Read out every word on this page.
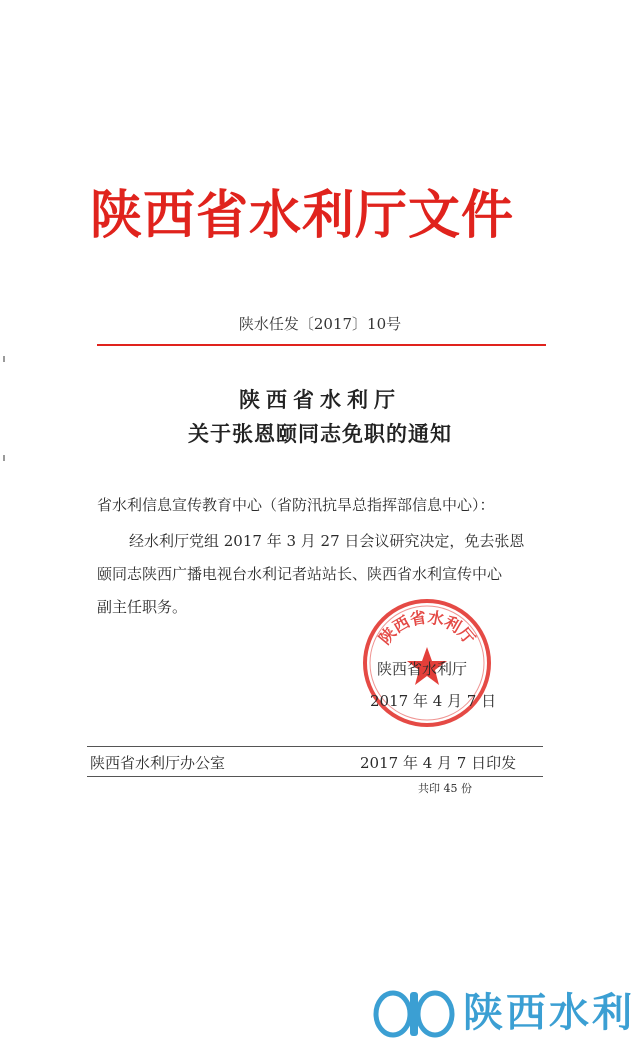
陕西省水利厅文件
陕水任发〔2017〕10号
陕西省水利厅
关于张恩颐同志免职的通知
省水利信息宣传教育中心（省防汛抗旱总指挥部信息中心）：
经水利厅党组 2017 年 3 月 27 日会议研究决定，免去张恩
颐同志陕西广播电视台水利记者站站长、陕西省水利宣传中心
副主任职务。
陕西省水利厅
陕西省水利厅
2017 年 4 月 7 日
陕西省水利厅办公室	2017 年 4 月 7 日印发
共印 45 份
陕西水利
